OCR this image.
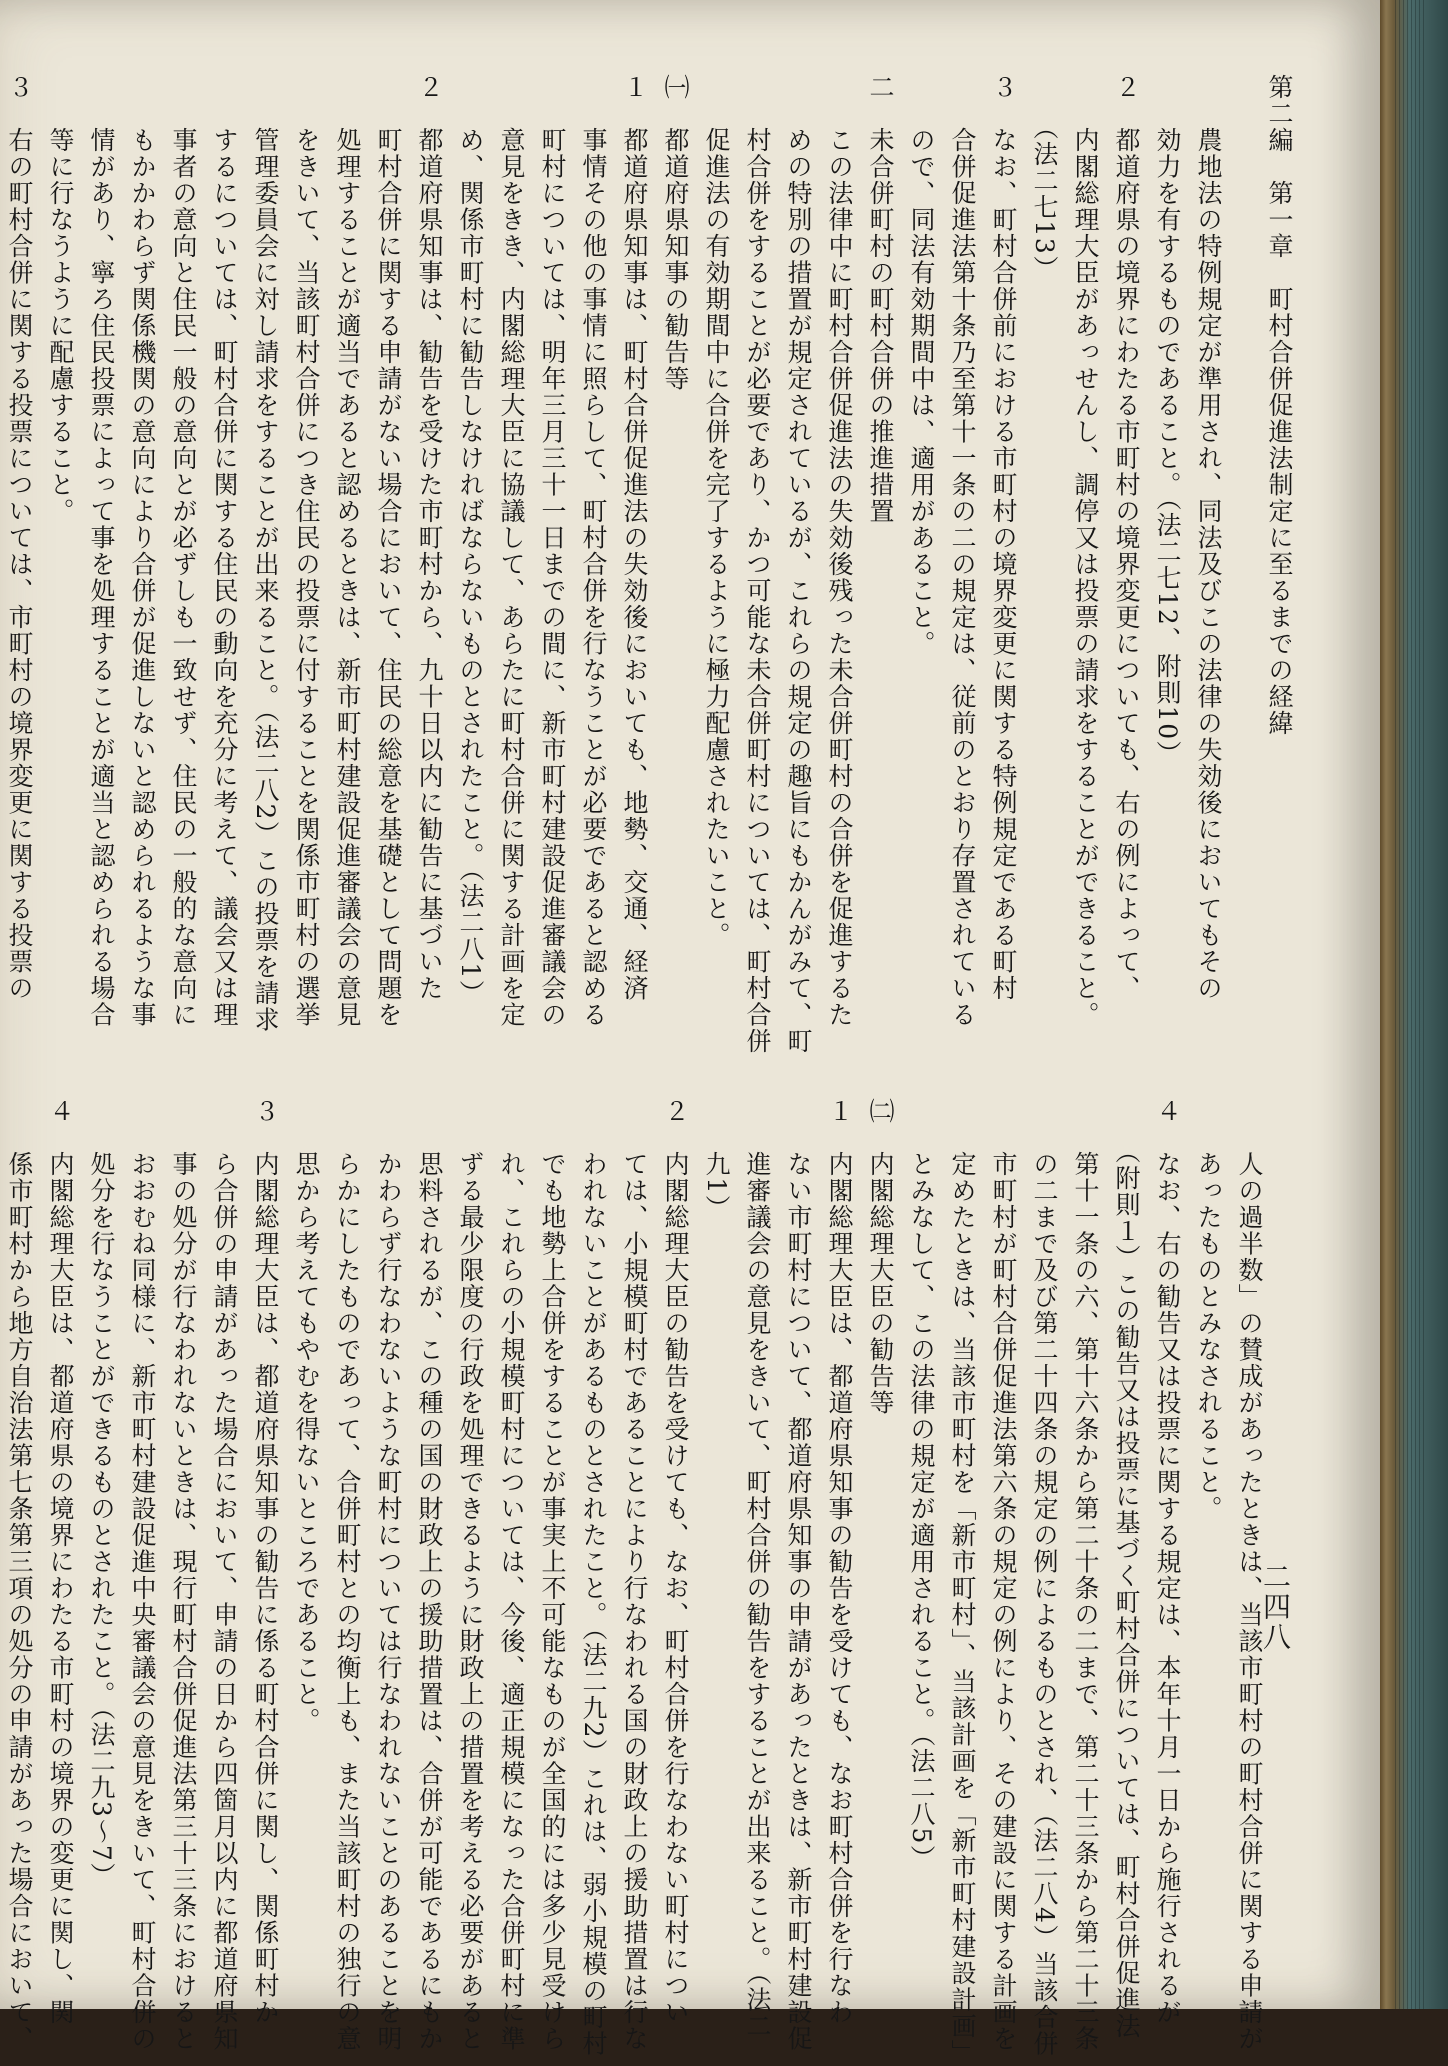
二四八
第二編　第一章　町村合併促進法制定に至るまでの経緯
　　農地法の特例規定が準用され、同法及びこの法律の失効後においてもその
　　効力を有するものであること。（法二七12、附則10）
２　都道府県の境界にわたる市町村の境界変更についても、右の例によって、
　　内閣総理大臣があっせんし、調停又は投票の請求をすることができること。
　　（法二七13）
３　なお、町村合併前における市町村の境界変更に関する特例規定である町村
　　合併促進法第十条乃至第十一条の二の規定は、従前のとおり存置されている
　　ので、同法有効期間中は、適用があること。
二　未合併町村の町村合併の推進措置
　　この法律中に町村合併促進法の失効後残った未合併町村の合併を促進するた
　　めの特別の措置が規定されているが、これらの規定の趣旨にもかんがみて、町
　　村合併をすることが必要であり、かつ可能な未合併町村については、町村合併
　　促進法の有効期間中に合併を完了するように極力配慮されたいこと。
㈠　都道府県知事の勧告等
１　都道府県知事は、町村合併促進法の失効後においても、地勢、交通、経済
　　事情その他の事情に照らして、町村合併を行なうことが必要であると認める
　　町村については、明年三月三十一日までの間に、新市町村建設促進審議会の
　　意見をきき、内閣総理大臣に協議して、あらたに町村合併に関する計画を定
　　め、関係市町村に勧告しなければならないものとされたこと。（法二八1）
２　都道府県知事は、勧告を受けた市町村から、九十日以内に勧告に基づいた
　　町村合併に関する申請がない場合において、住民の総意を基礎として問題を
　　処理することが適当であると認めるときは、新市町村建設促進審議会の意見
　　をきいて、当該町村合併につき住民の投票に付することを関係市町村の選挙
　　管理委員会に対し請求をすることが出来ること。（法二八2）この投票を請求
　　するについては、町村合併に関する住民の動向を充分に考えて、議会又は理
　　事者の意向と住民一般の意向とが必ずしも一致せず、住民の一般的な意向に
　　もかかわらず関係機関の意向により合併が促進しないと認められるような事
　　情があり、寧ろ住民投票によって事を処理することが適当と認められる場合
　　等に行なうように配慮すること。
３　右の町村合併に関する投票については、市町村の境界変更に関する投票の
　　人の過半数」の賛成があったときは、当該市町村の町村合併に関する申請が
　　あったものとみなされること。
４　なお、右の勧告又は投票に関する規定は、本年十月一日から施行されるが
　　（附則１）この勧告又は投票に基づく町村合併については、町村合併促進法
　　第十一条の六、第十六条から第二十条の二まで、第二十三条から第二十三条
　　の二まで及び第二十四条の規定の例によるものとされ、（法二八4）当該合併
　　市町村が町村合併促進法第六条の規定の例により、その建設に関する計画を
　　定めたときは、当該市町村を「新市町村」、当該計画を「新市町村建設計画」
　　とみなして、この法律の規定が適用されること。（法二八5）
㈡　内閣総理大臣の勧告等
１　内閣総理大臣は、都道府県知事の勧告を受けても、なお町村合併を行なわ
　　ない市町村について、都道府県知事の申請があったときは、新市町村建設促
　　進審議会の意見をきいて、町村合併の勧告をすることが出来ること。（法二
　　九1）
２　内閣総理大臣の勧告を受けても、なお、町村合併を行なわない町村につい
　　ては、小規模町村であることにより行なわれる国の財政上の援助措置は行な
　　われないことがあるものとされたこと。（法二九2）これは、弱小規模の町村
　　でも地勢上合併をすることが事実上不可能なものが全国的には多少見受けら
　　れ、これらの小規模町村については、今後、適正規模になった合併町村に準
　　ずる最少限度の行政を処理できるように財政上の措置を考える必要があると
　　思料されるが、この種の国の財政上の援助措置は、合併が可能であるにもか
　　かわらず行なわないような町村については行なわれないことのあることを明
　　らかにしたものであって、合併町村との均衡上も、また当該町村の独行の意
　　思から考えてもやむを得ないところであること。
３　内閣総理大臣は、都道府県知事の勧告に係る町村合併に関し、関係町村か
　　ら合併の申請があった場合において、申請の日から四箇月以内に都道府県知
　　事の処分が行なわれないときは、現行町村合併促進法第三十三条におけると
　　おおむね同様に、新市町村建設促進中央審議会の意見をきいて、町村合併の
　　処分を行なうことができるものとされたこと。（法二九3〜7）
４　内閣総理大臣は、都道府県の境界にわたる市町村の境界の変更に関し、関
　　係市町村から地方自治法第七条第三項の処分の申請があった場合において、
